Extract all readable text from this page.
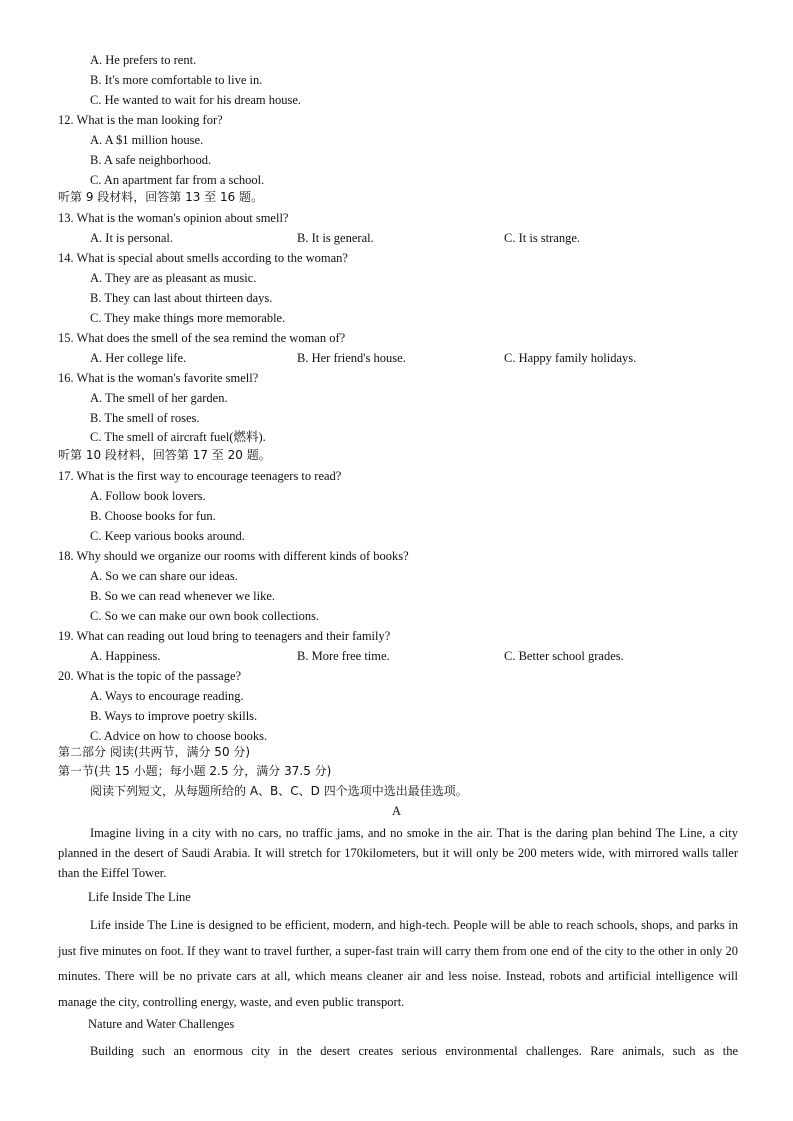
A. He prefers to rent.
B. It's more comfortable to live in.
C. He wanted to wait for his dream house.
12. What is the man looking for?
A. A $1 million house.
B. A safe neighborhood.
C. An apartment far from a school.
听第 9 段材料，回答第 13 至 16 题。
13. What is the woman's opinion about smell?
A. It is personal.	B. It is general.	C. It is strange.
14. What is special about smells according to the woman?
A. They are as pleasant as music.
B. They can last about thirteen days.
C. They make things more memorable.
15. What does the smell of the sea remind the woman of?
A. Her college life.	B. Her friend's house.	C. Happy family holidays.
16. What is the woman's favorite smell?
A. The smell of her garden.
B. The smell of roses.
C. The smell of aircraft fuel(燃料).
听第 10 段材料，回答第 17 至 20 题。
17. What is the first way to encourage teenagers to read?
A. Follow book lovers.
B. Choose books for fun.
C. Keep various books around.
18. Why should we organize our rooms with different kinds of books?
A. So we can share our ideas.
B. So we can read whenever we like.
C. So we can make our own book collections.
19. What can reading out loud bring to teenagers and their family?
A. Happiness.	B. More free time.	C. Better school grades.
20. What is the topic of the passage?
A. Ways to encourage reading.
B. Ways to improve poetry skills.
C. Advice on how to choose books.
第二部分 阅读(共两节，满分 50 分)
第一节(共 15 小题；每小题 2.5 分，满分 37.5 分)
阅读下列短文，从每题所给的 A、B、C、D 四个选项中选出最佳选项。
A

Imagine living in a city with no cars, no traffic jams, and no smoke in the air. That is the daring plan behind The Line, a city planned in the desert of Saudi Arabia. It will stretch for 170kilometers, but it will only be 200 meters wide, with mirrored walls taller than the Eiffel Tower.

Life Inside The Line

Life inside The Line is designed to be efficient, modern, and high-tech. People will be able to reach schools, shops, and parks in just five minutes on foot. If they want to travel further, a super-fast train will carry them from one end of the city to the other in only 20 minutes. There will be no private cars at all, which means cleaner air and less noise. Instead, robots and artificial intelligence will manage the city, controlling energy, waste, and even public transport.

Nature and Water Challenges

Building such an enormous city in the desert creates serious environmental challenges. Rare animals, such as the
